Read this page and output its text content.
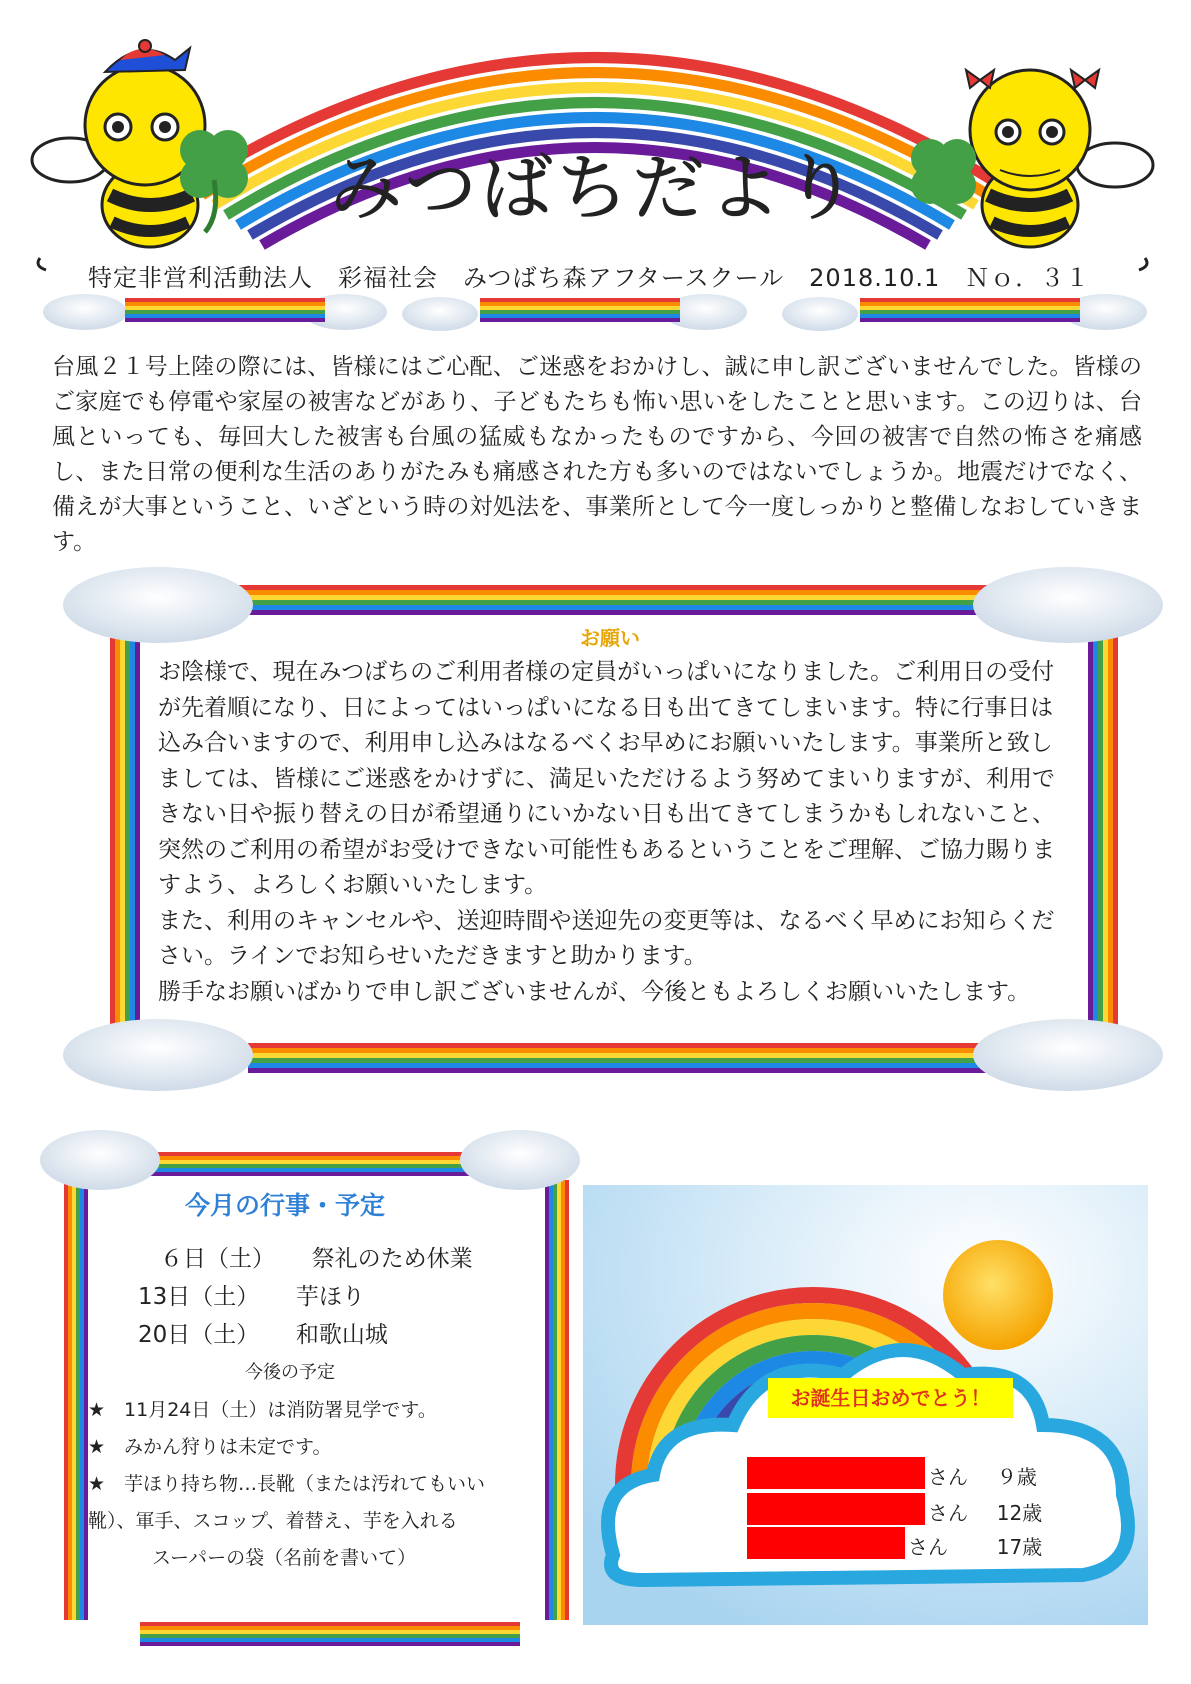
みつばちだより
特定非営利活動法人　彩福社会　みつばち森アフタースクール　2018.10.1　Ｎｏ．３１
台風２１号上陸の際には、皆様にはご心配、ご迷惑をおかけし、誠に申し訳ございませんでした。皆様のご家庭でも停電や家屋の被害などがあり、子どもたちも怖い思いをしたことと思います。この辺りは、台風といっても、毎回大した被害も台風の猛威もなかったものですから、今回の被害で自然の怖さを痛感し、また日常の便利な生活のありがたみも痛感された方も多いのではないでしょうか。地震だけでなく、備えが大事ということ、いざという時の対処法を、事業所として今一度しっかりと整備しなおしていきます。
お願い

お陰様で、現在みつばちのご利用者様の定員がいっぱいになりました。ご利用日の受付が先着順になり、日によってはいっぱいになる日も出てきてしまいます。特に行事日は込み合いますので、利用申し込みはなるべくお早めにお願いいたします。事業所と致しましては、皆様にご迷惑をかけずに、満足いただけるよう努めてまいりますが、利用できない日や振り替えの日が希望通りにいかない日も出てきてしまうかもしれないこと、突然のご利用の希望がお受けできない可能性もあるということをご理解、ご協力賜りますよう、よろしくお願いいたします。

また、利用のキャンセルや、送迎時間や送迎先の変更等は、なるべく早めにお知らください。ラインでお知らせいただきますと助かります。

勝手なお願いばかりで申し訳ございませんが、今後ともよろしくお願いいたします。

今月の行事・予定
６日（土） 祭礼のため休業
13日（土） 芋ほり
20日（土） 和歌山城
今後の予定
★　11月24日（土）は消防署見学です。
★　みかん狩りは未定です。
★　芋ほり持ち物…長靴（または汚れてもいい
靴）、軍手、スコップ、着替え、芋を入れる
スーパーの袋（名前を書いて）
お誕生日おめでとう！
さん ９歳
さん 12歳
さん 17歳
